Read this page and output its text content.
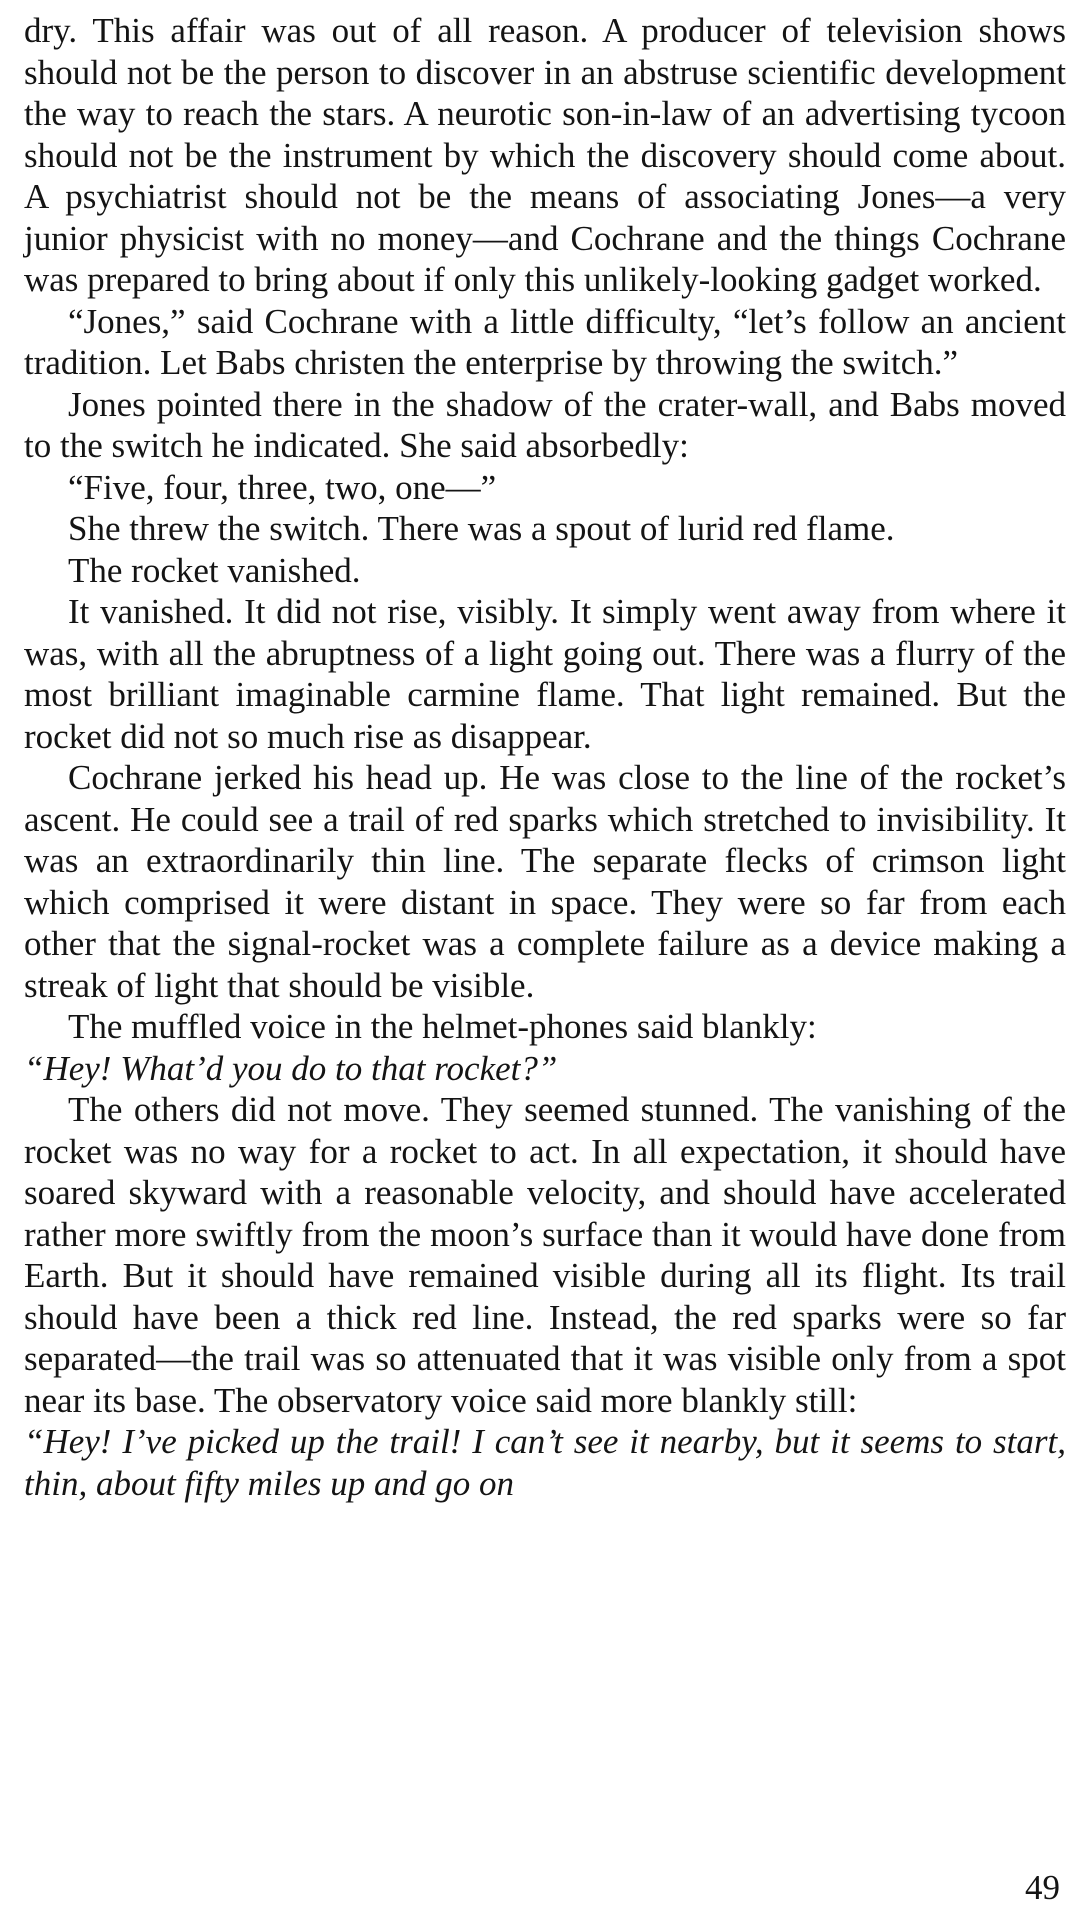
dry. This affair was out of all reason. A producer of television shows should not be the person to discover in an abstruse scientific development the way to reach the stars. A neurotic son-in-law of an advertising tycoon should not be the instrument by which the discovery should come about. A psychiatrist should not be the means of associating Jones—a very junior physicist with no money—and Cochrane and the things Cochrane was prepared to bring about if only this unlikely-looking gadget worked.

“Jones,” said Cochrane with a little difficulty, “let’s follow an ancient tradition. Let Babs christen the enterprise by throwing the switch.”

Jones pointed there in the shadow of the crater-wall, and Babs moved to the switch he indicated. She said absorbedly:

“Five, four, three, two, one—”

She threw the switch. There was a spout of lurid red flame.

The rocket vanished.

It vanished. It did not rise, visibly. It simply went away from where it was, with all the abruptness of a light going out. There was a flurry of the most brilliant imaginable carmine flame. That light remained. But the rocket did not so much rise as disappear.

Cochrane jerked his head up. He was close to the line of the rocket’s ascent. He could see a trail of red sparks which stretched to invisibility. It was an extraordinarily thin line. The separate flecks of crimson light which comprised it were distant in space. They were so far from each other that the signal-rocket was a complete failure as a device making a streak of light that should be visible.

The muffled voice in the helmet-phones said blankly:

“Hey! What’d you do to that rocket?”

The others did not move. They seemed stunned. The vanishing of the rocket was no way for a rocket to act. In all expectation, it should have soared skyward with a reasonable velocity, and should have accelerated rather more swiftly from the moon’s surface than it would have done from Earth. But it should have remained visible during all its flight. Its trail should have been a thick red line. Instead, the red sparks were so far separated—the trail was so attenuated that it was visible only from a spot near its base. The observatory voice said more blankly still:

“Hey! I’ve picked up the trail! I can’t see it nearby, but it seems to start, thin, about fifty miles up and go on

49
